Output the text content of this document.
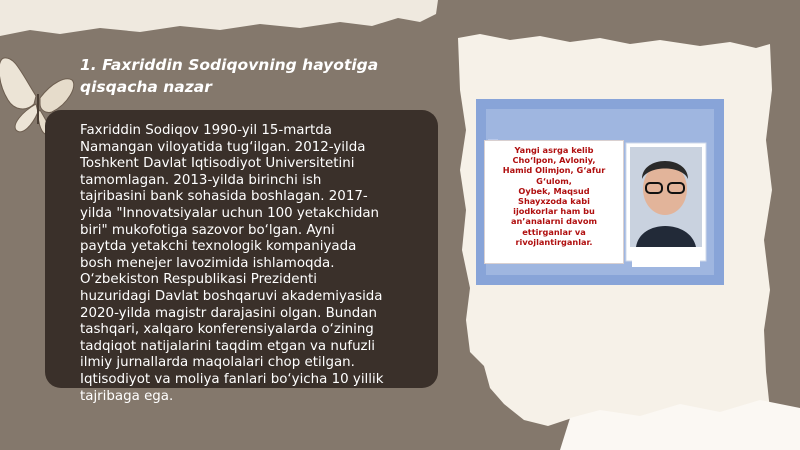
1. Faxriddin Sodiqovning hayotiga qisqacha nazar
Faxriddin Sodiqov 1990-yil 15-martda
Namangan viloyatida tug‘ilgan. 2012-yilda
Toshkent Davlat Iqtisodiyot Universitetini
tamomlagan. 2013-yilda birinchi ish
tajribasini bank sohasida boshlagan. 2017-
yilda "Innovatsiyalar uchun 100 yetakchidan
biri" mukofotiga sazovor bo‘lgan. Ayni
paytda yetakchi texnologik kompaniyada
bosh menejer lavozimida ishlamoqda.
O‘zbekiston Respublikasi Prezidenti
huzuridagi Davlat boshqaruvi akademiyasida
2020-yilda magistr darajasini olgan. Bundan
tashqari, xalqaro konferensiyalarda o‘zining
tadqiqot natijalarini taqdim etgan va nufuzli
ilmiy jurnallarda maqolalari chop etilgan.
Iqtisodiyot va moliya fanlari bo‘yicha 10 yillik
tajribaga ega.
Yangi asrga kelib
Cho‘lpon, Avloniy,
Hamid Olimjon, G‘afur
G‘ulom,
Oybek, Maqsud
Shayxzoda kabi
ijodkorlar ham bu
an’analarni davom
ettirganlar va
rivojlantirganlar.
